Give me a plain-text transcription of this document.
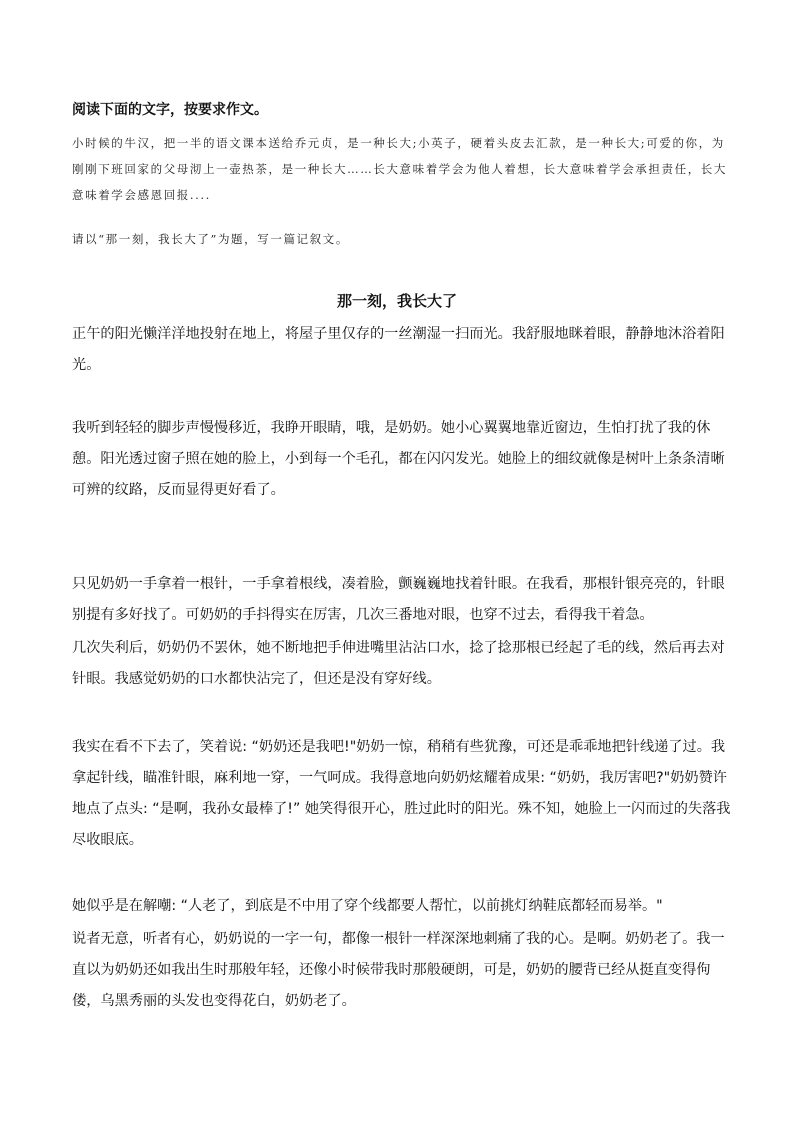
阅读下面的文字，按要求作文。
小时候的牛汉，把一半的语文课本送给乔元贞，是一种长大;小英子，硬着头皮去汇款，是一种长大;可爱的你，为刚刚下班回家的父母沏上一壶热茶，是一种长大……长大意味着学会为他人着想，长大意味着学会承担责任，长大意味着学会感恩回报....
请以“那一刻，我长大了”为题，写一篇记叙文。
那一刻，我长大了

正午的阳光懒洋洋地投射在地上，将屋子里仅存的一丝潮湿一扫而光。我舒服地眯着眼，静静地沐浴着阳光。

我听到轻轻的脚步声慢慢移近，我睁开眼睛，哦，是奶奶。她小心翼翼地靠近窗边，生怕打扰了我的休憩。阳光透过窗子照在她的脸上，小到每一个毛孔，都在闪闪发光。她脸上的细纹就像是树叶上条条清晰可辨的纹路，反而显得更好看了。

只见奶奶一手拿着一根针，一手拿着根线，凑着脸，颤巍巍地找着针眼。在我看，那根针银亮亮的，针眼别提有多好找了。可奶奶的手抖得实在厉害，几次三番地对眼，也穿不过去，看得我干着急。

几次失利后，奶奶仍不罢休，她不断地把手伸进嘴里沾沾口水，捻了捻那根已经起了毛的线，然后再去对针眼。我感觉奶奶的口水都快沾完了，但还是没有穿好线。

我实在看不下去了，笑着说: “奶奶还是我吧!"奶奶一惊，稍稍有些犹豫，可还是乖乖地把针线递了过。我拿起针线，瞄准针眼，麻利地一穿，一气呵成。我得意地向奶奶炫耀着成果: “奶奶，我厉害吧?"奶奶赞许地点了点头: “是啊，我孙女最棒了!” 她笑得很开心，胜过此时的阳光。殊不知，她脸上一闪而过的失落我尽收眼底。

她似乎是在解嘲: “人老了，到底是不中用了穿个线都要人帮忙，以前挑灯纳鞋底都轻而易举。"

说者无意，听者有心，奶奶说的一字一句，都像一根针一样深深地刺痛了我的心。是啊。奶奶老了。我一直以为奶奶还如我出生时那般年轻，还像小时候带我时那般硬朗，可是，奶奶的腰背已经从挺直变得佝偻，乌黑秀丽的头发也变得花白，奶奶老了。
